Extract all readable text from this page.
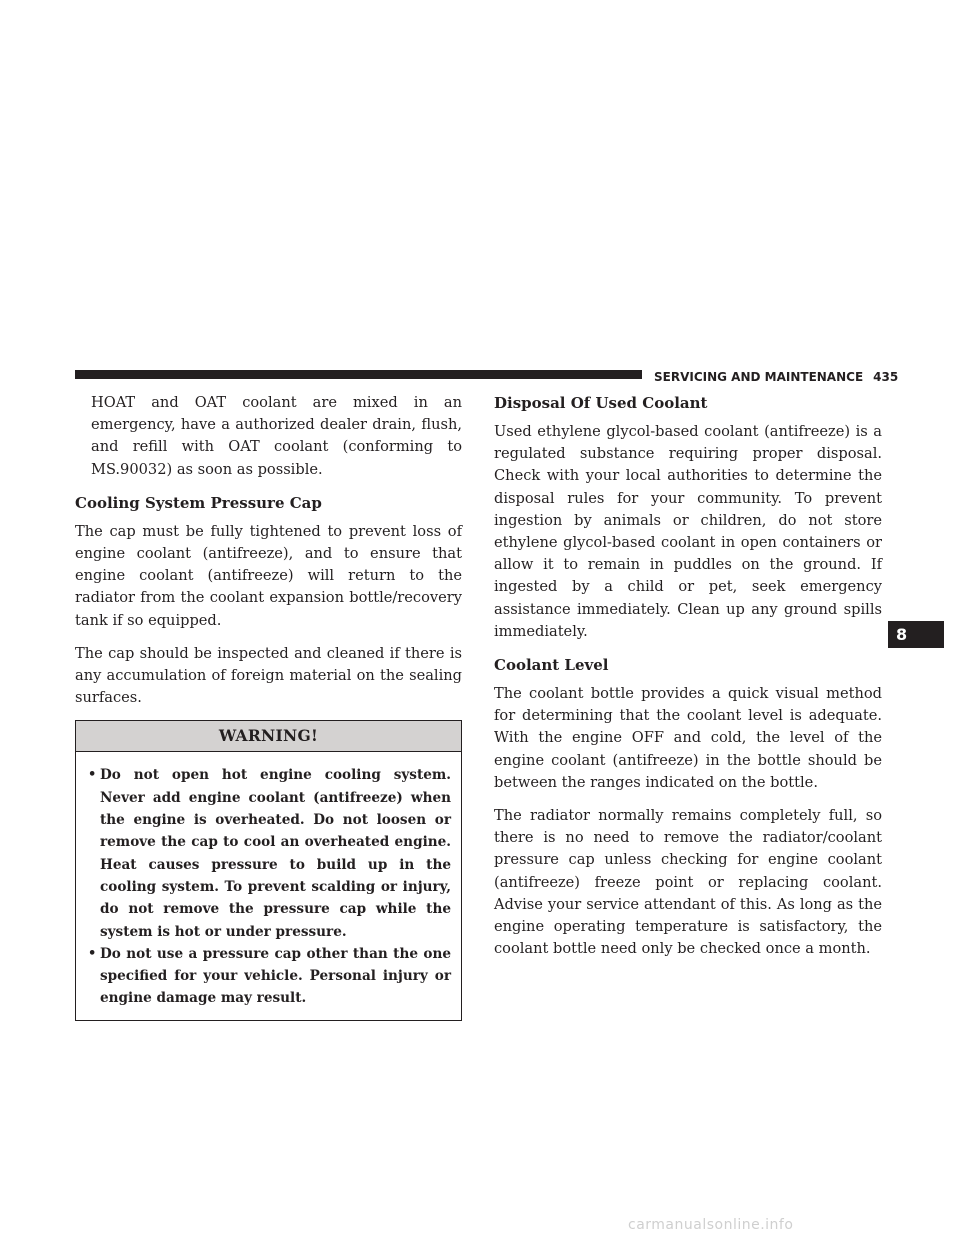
SERVICING AND MAINTENANCE 435

HOAT and OAT coolant are mixed in an emergency, have a authorized dealer drain, flush, and refill with OAT coolant (conforming to MS.90032) as soon as possible.

Cooling System Pressure Cap

The cap must be fully tightened to prevent loss of engine coolant (antifreeze), and to ensure that engine coolant (antifreeze) will return to the radiator from the coolant expansion bottle/recovery tank if so equipped.

The cap should be inspected and cleaned if there is any accumulation of foreign material on the sealing surfaces.

WARNING!
• Do not open hot engine cooling system. Never add engine coolant (antifreeze) when the engine is overheated. Do not loosen or remove the cap to cool an overheated engine. Heat causes pressure to build up in the cooling system. To prevent scalding or injury, do not remove the pressure cap while the system is hot or under pressure.
• Do not use a pressure cap other than the one specified for your vehicle. Personal injury or engine damage may result.
Disposal Of Used Coolant

Used ethylene glycol-based coolant (antifreeze) is a regulated substance requiring proper disposal. Check with your local authorities to determine the disposal rules for your community. To prevent ingestion by animals or children, do not store ethylene glycol-based coolant in open containers or allow it to remain in puddles on the ground. If ingested by a child or pet, seek emergency assistance immediately. Clean up any ground spills immediately.

Coolant Level

The coolant bottle provides a quick visual method for determining that the coolant level is adequate. With the engine OFF and cold, the level of the engine coolant (antifreeze) in the bottle should be between the ranges indicated on the bottle.

The radiator normally remains completely full, so there is no need to remove the radiator/coolant pressure cap unless checking for engine coolant (antifreeze) freeze point or replacing coolant. Advise your service attendant of this. As long as the engine operating temperature is satisfactory, the coolant bottle need only be checked once a month.

8
carmanualsonline.info
